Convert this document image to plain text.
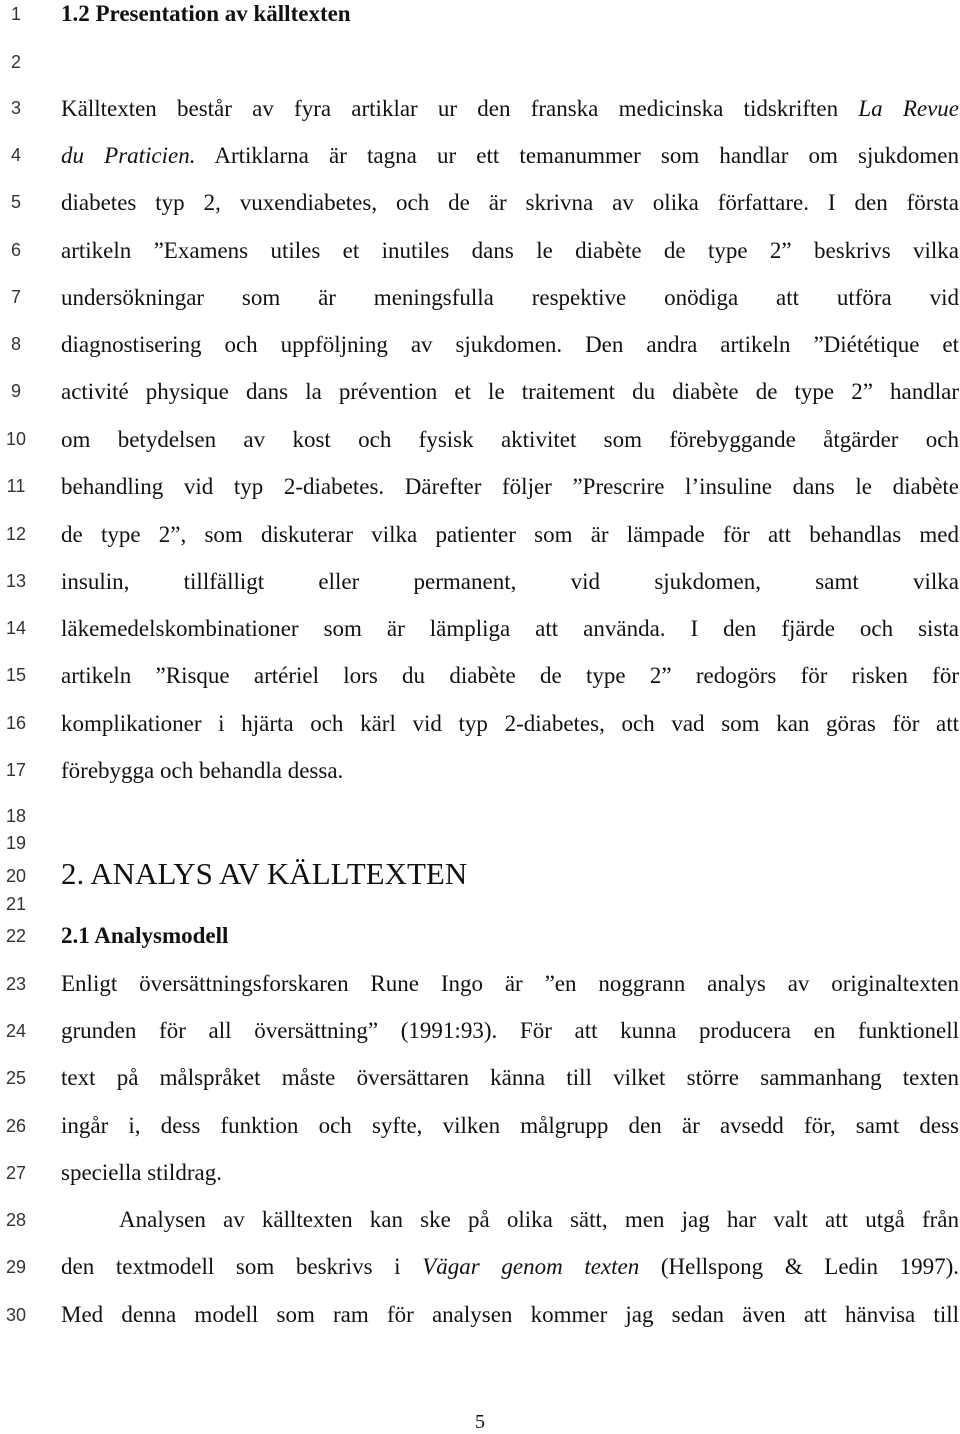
1
2
3
4
5
6
7
8
9
10
11
12
13
14
15
16
17
18
19
20
21
22
23
24
25
26
27
28
29
30
1.2 Presentation av källtexten
Källtexten består av fyra artiklar ur den franska medicinska tidskriften La Revue
du Praticien. Artiklarna är tagna ur ett temanummer som handlar om sjukdomen
diabetes typ 2, vuxendiabetes, och de är skrivna av olika författare. I den första
artikeln ”Examens utiles et inutiles dans le diabète de type 2” beskrivs vilka
undersökningar som är meningsfulla respektive onödiga att utföra vid
diagnostisering och uppföljning av sjukdomen. Den andra artikeln ”Diététique et
activité physique dans la prévention et le traitement du diabète de type 2” handlar
om betydelsen av kost och fysisk aktivitet som förebyggande åtgärder och
behandling vid typ 2-diabetes. Därefter följer ”Prescrire l’insuline dans le diabète
de type 2”, som diskuterar vilka patienter som är lämpade för att behandlas med
insulin, tillfälligt eller permanent, vid sjukdomen, samt vilka
läkemedelskombinationer som är lämpliga att använda. I den fjärde och sista
artikeln ”Risque artériel lors du diabète de type 2” redogörs för risken för
komplikationer i hjärta och kärl vid typ 2-diabetes, och vad som kan göras för att
förebygga och behandla dessa.
2. ANALYS AV KÄLLTEXTEN
2.1 Analysmodell
Enligt översättningsforskaren Rune Ingo är ”en noggrann analys av originaltexten
grunden för all översättning” (1991:93). För att kunna producera en funktionell
text på målspråket måste översättaren känna till vilket större sammanhang texten
ingår i, dess funktion och syfte, vilken målgrupp den är avsedd för, samt dess
speciella stildrag.
Analysen av källtexten kan ske på olika sätt, men jag har valt att utgå från
den textmodell som beskrivs i Vägar genom texten (Hellspong & Ledin 1997).
Med denna modell som ram för analysen kommer jag sedan även att hänvisa till
5
